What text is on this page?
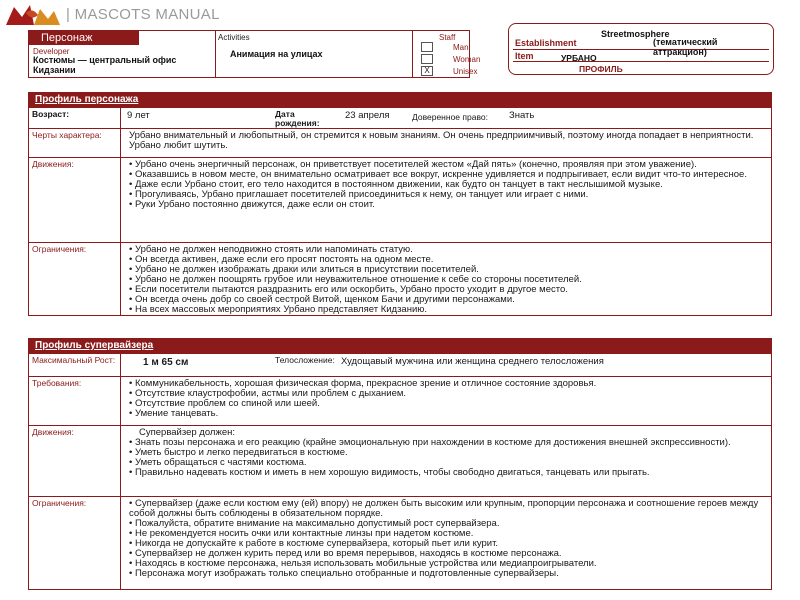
| MASCOTS MANUAL
Персонаж
Developer
Костюмы — центральный офис Кидзании
Activities
Анимация на улицах
Staff
Man
Woman
X	Unisex
Streetmosphere
Establishment	(тематический аттракцион)
Item	УРБАНО
ПРОФИЛЬ
Профиль персонажа
Возраст:	9 лет	Дата рождения:
23 апреля	Доверенное право: Знать
Черты характера:	Урбано внимательный и любопытный, он стремится к новым знаниям. Он очень предприимчивый, поэтому иногда попадает в неприятности. Урбано любит шутить.
Движения:	• Урбано очень энергичный персонаж, он приветствует посетителей жестом «Дай пять» (конечно, проявляя при этом уважение).
• Оказавшись в новом месте, он внимательно осматривает все вокруг, искренне удивляется и подпрыгивает, если видит что-то интересное.
• Даже если Урбано стоит, его тело находится в постоянном движении, как будто он танцует в такт неслышимой музыке.
• Прогуливаясь, Урбано приглашает посетителей присоединиться к нему, он танцует или играет с ними.
• Руки Урбано постоянно движутся, даже если он стоит.
Ограничения:	• Урбано не должен неподвижно стоять или напоминать статую.
• Он всегда активен, даже если его просят постоять на одном месте.
• Урбано не должен изображать драки или злиться в присутствии посетителей.
• Урбано не должен поощрять грубое или неуважительное отношение к себе со стороны посетителей.
• Если посетители пытаются раздразнить его или оскорбить, Урбано просто уходит в другое место.
• Он всегда очень добр со своей сестрой Витой, щенком Бачи и другими персонажами.
• На всех массовых мероприятиях Урбано представляет Кидзанию.
Профиль супервайзера
Максимальный Рост:	1 м 65 см	Телосложение: Худощавый мужчина или женщина среднего телосложения
Требования:	• Коммуникабельность, хорошая физическая форма, прекрасное зрение и отличное состояние здоровья.
• Отсутствие клаустрофобии, астмы или проблем с дыханием.
• Отсутствие проблем со спиной или шеей.
• Умение танцевать.
Движения:	Супервайзер должен:
• Знать позы персонажа и его реакцию (крайне эмоциональную при нахождении в костюме для достижения внешней экспрессивности).
• Уметь быстро и легко передвигаться в костюме.
• Уметь обращаться с частями костюма.
• Правильно надевать костюм и иметь в нем хорошую видимость, чтобы свободно двигаться, танцевать или прыгать.
Ограничения:	• Супервайзер (даже если костюм ему (ей) впору) не должен быть высоким или крупным, пропорции персонажа и соотношение героев между собой должны быть соблюдены в обязательном порядке.
• Пожалуйста, обратите внимание на максимально допустимый рост супервайзера.
• Не рекомендуется носить очки или контактные линзы при надетом костюме.
• Никогда не допускайте к работе в костюме супервайзера, который пьет или курит.
• Супервайзер не должен курить перед или во время перерывов, находясь в костюме персонажа.
• Находясь в костюме персонажа, нельзя использовать мобильные устройства или медиапроигрыватели.
• Персонажа могут изображать только специально отобранные и подготовленные супервайзеры.
